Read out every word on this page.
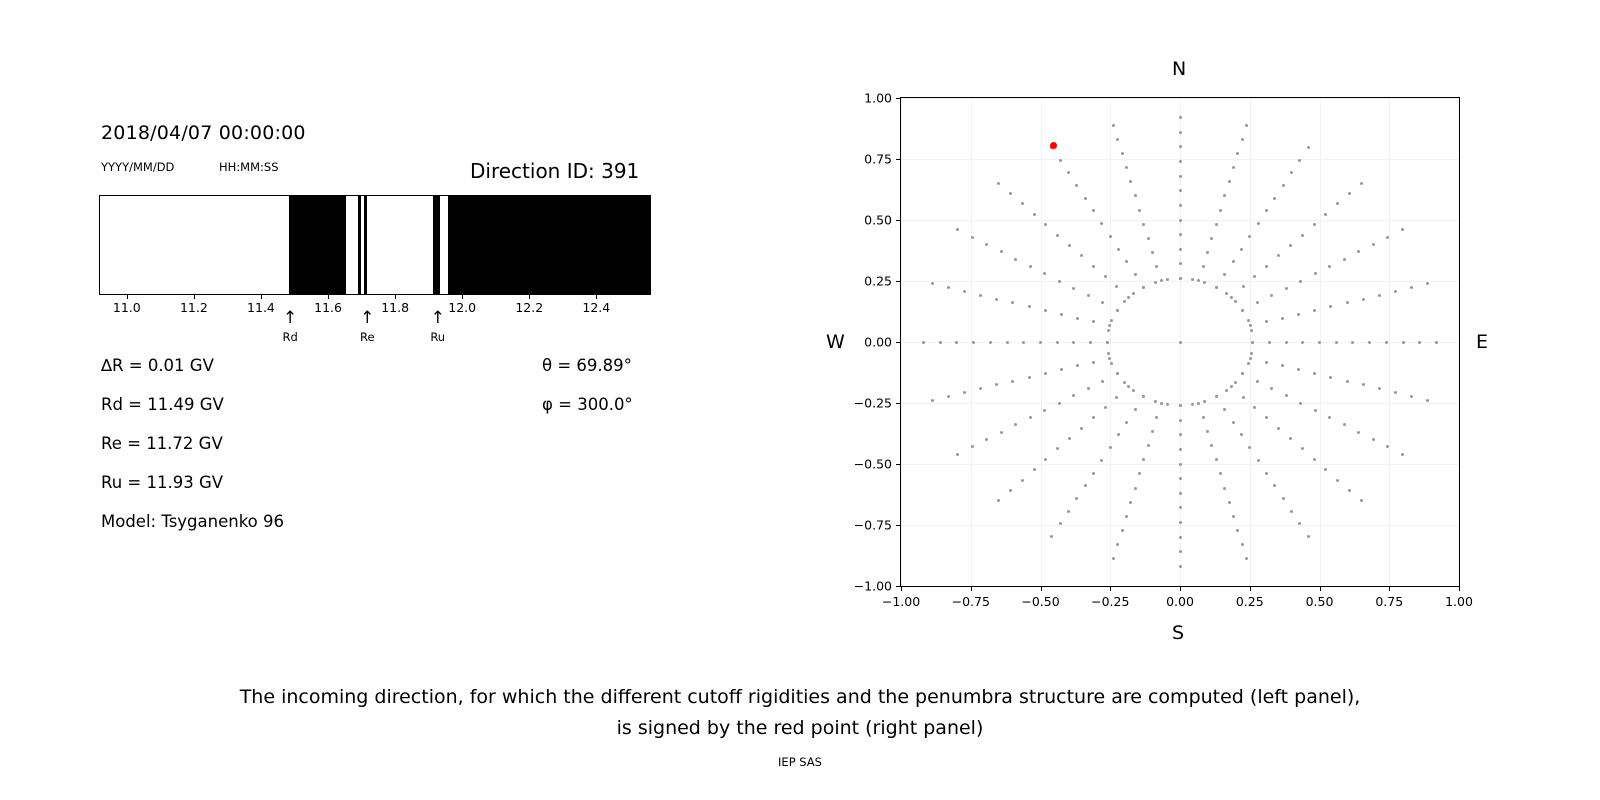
2018/04/07 00:00:00
YYYY/MM/DD	HH:MM:SS	Direction ID: 391
11.0	11.2	11.4	11.6	11.8	12.0	12.2	12.4
↑
Rd
↑
Re
↑
Ru
∆R = 0.01 GV
Rd = 11.49 GV
Re = 11.72 GV
Ru = 11.93 GV
Model: Tsyganenko 96
θ = 69.89°
φ = 300.0°
N
S
W	E
−1.00
−0.75
−0.50
−0.25
0.00
0.25
0.50
0.75
1.00
−1.00	−0.75	−0.50	−0.25	0.00	0.25	0.50	0.75	1.00
The incoming direction, for which the different cutoff rigidities and the penumbra structure are computed (left panel),
is signed by the red point (right panel)
IEP SAS
